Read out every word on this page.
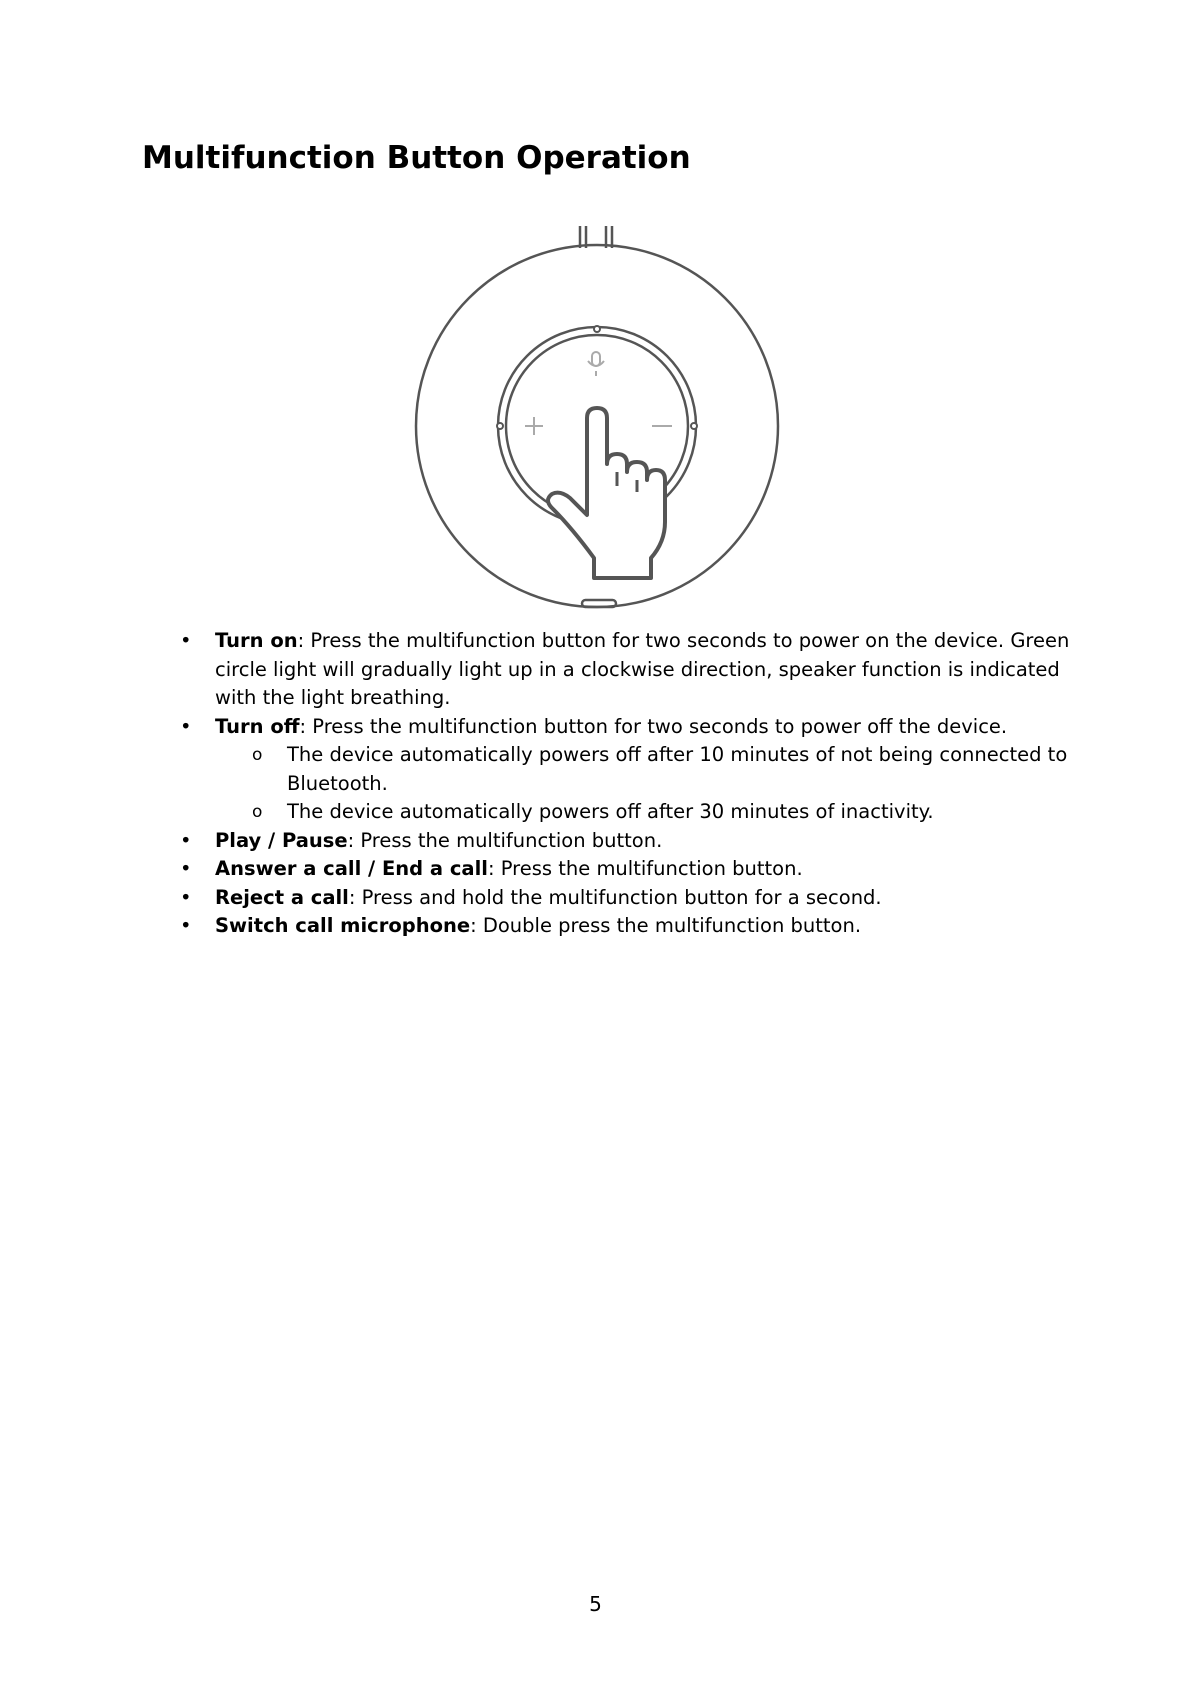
Multifunction Button Operation
•	Turn on: Press the multifunction button for two seconds to power on the device. Green circle light will gradually light up in a clockwise direction, speaker function is indicated with the light breathing.
•	Turn off: Press the multifunction button for two seconds to power off the device.
o The device automatically powers off after 10 minutes of not being connected to Bluetooth.
o The device automatically powers off after 30 minutes of inactivity.
•	Play / Pause: Press the multifunction button.
•	Answer a call / End a call: Press the multifunction button.
•	Reject a call: Press and hold the multifunction button for a second.
•	Switch call microphone: Double press the multifunction button.
5
